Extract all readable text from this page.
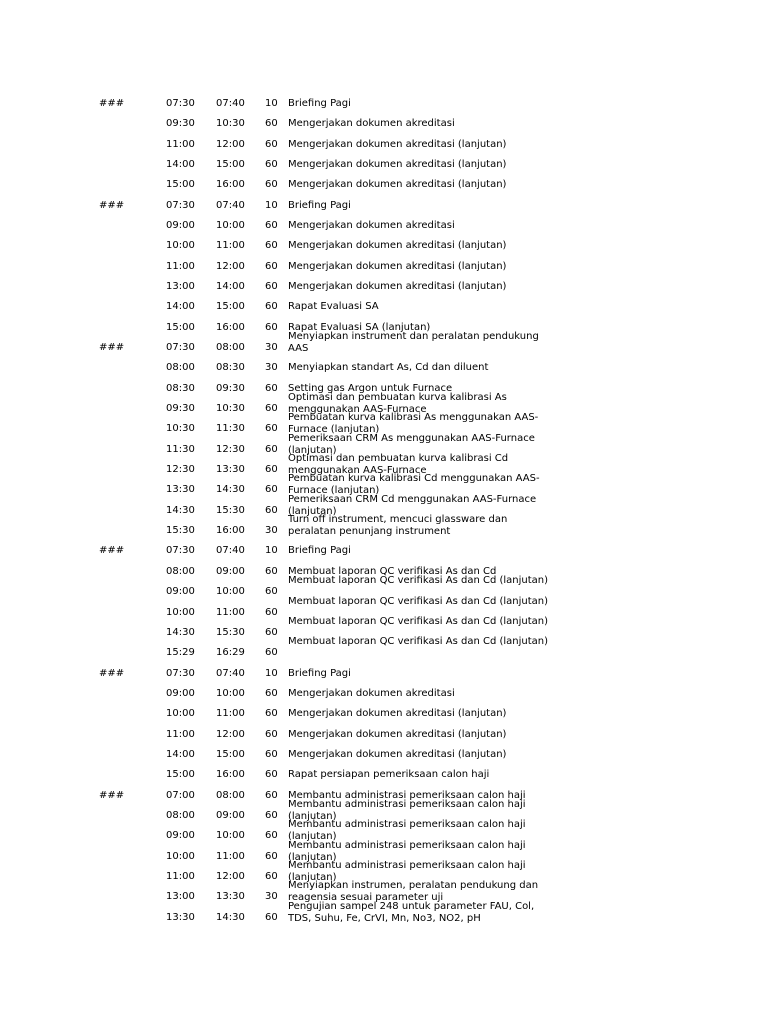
###	07:30 07:40 10 Briefing Pagi
09:30 10:30 60 Mengerjakan dokumen akreditasi
11:00 12:00 60 Mengerjakan dokumen akreditasi (lanjutan)
14:00 15:00 60 Mengerjakan dokumen akreditasi (lanjutan)
15:00 16:00 60 Mengerjakan dokumen akreditasi (lanjutan)
###	07:30 07:40 10 Briefing Pagi
09:00 10:00 60 Mengerjakan dokumen akreditasi
10:00 11:00 60 Mengerjakan dokumen akreditasi (lanjutan)
11:00 12:00 60 Mengerjakan dokumen akreditasi (lanjutan)
13:00 14:00 60 Mengerjakan dokumen akreditasi (lanjutan)
14:00 15:00 60 Rapat Evaluasi SA
15:00 16:00 60 Rapat Evaluasi SA (lanjutan)
###	07:30 08:00 30
Menyiapkan instrument dan peralatan pendukung AAS
08:00 08:30 30 Menyiapkan standart As, Cd dan diluent
08:30 09:30 60 Setting gas Argon untuk Furnace
09:30 10:30 60
Optimasi dan pembuatan kurva kalibrasi As menggunakan AAS-Furnace
10:30 11:30 60
Pembuatan kurva kalibrasi As menggunakan AAS-Furnace (lanjutan)
11:30 12:30 60
Pemeriksaan CRM As menggunakan AAS-Furnace (lanjutan)
12:30 13:30 60
Optimasi dan pembuatan kurva kalibrasi Cd menggunakan AAS-Furnace
13:30 14:30 60
Pembuatan kurva kalibrasi Cd menggunakan AAS-Furnace (lanjutan)
14:30 15:30 60
Pemeriksaan CRM Cd menggunakan AAS-Furnace (lanjutan)
15:30 16:00 30
Turn off instrument, mencuci glassware dan peralatan penunjang instrument
###	07:30 07:40 10 Briefing Pagi
08:00 09:00 60 Membuat laporan QC verifikasi As dan Cd
09:00 10:00 60
Membuat laporan QC verifikasi As dan Cd (lanjutan)
10:00 11:00 60
Membuat laporan QC verifikasi As dan Cd (lanjutan)
14:30 15:30 60
Membuat laporan QC verifikasi As dan Cd (lanjutan)
15:29 16:29 60
Membuat laporan QC verifikasi As dan Cd (lanjutan)
###	07:30 07:40 10 Briefing Pagi
09:00 10:00 60 Mengerjakan dokumen akreditasi
10:00 11:00 60 Mengerjakan dokumen akreditasi (lanjutan)
11:00 12:00 60 Mengerjakan dokumen akreditasi (lanjutan)
14:00 15:00 60 Mengerjakan dokumen akreditasi (lanjutan)
15:00 16:00 60 Rapat persiapan pemeriksaan calon haji
###	07:00 08:00 60 Membantu administrasi pemeriksaan calon haji
08:00 09:00 60
Membantu administrasi pemeriksaan calon haji (lanjutan)
09:00 10:00 60
Membantu administrasi pemeriksaan calon haji (lanjutan)
10:00 11:00 60
Membantu administrasi pemeriksaan calon haji (lanjutan)
11:00 12:00 60
Membantu administrasi pemeriksaan calon haji (lanjutan)
13:00 13:30 30
Menyiapkan instrumen, peralatan pendukung dan reagensia sesuai parameter uji
13:30 14:30 60
Pengujian sampel 248 untuk parameter FAU, Col, TDS, Suhu, Fe, CrVI, Mn, No3, NO2, pH
